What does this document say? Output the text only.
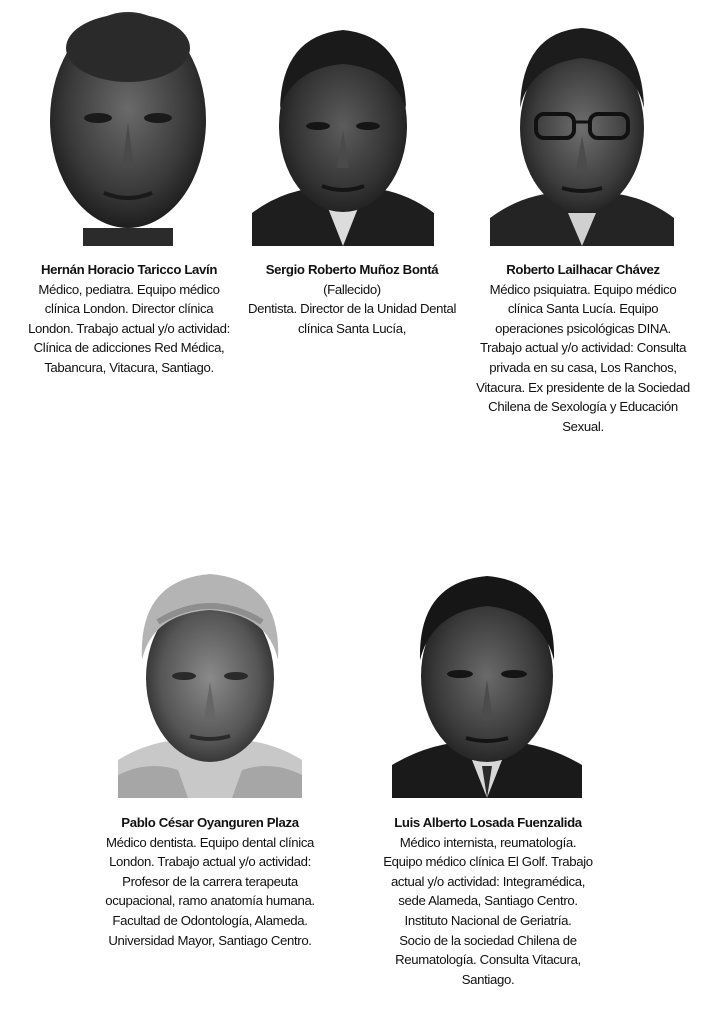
Hernán Horacio Taricco Lavín
Médico, pediatra. Equipo médico
clínica London. Director clínica
London. Trabajo actual y/o actividad:
Clínica de adicciones Red Médica,
Tabancura, Vitacura, Santiago.
Sergio Roberto Muñoz Bontá
(Fallecido)
Dentista. Director de la Unidad Dental
clínica Santa Lucía,
Roberto Lailhacar Chávez
Médico psiquiatra. Equipo médico
clínica Santa Lucía. Equipo
operaciones psicológicas DINA.
Trabajo actual y/o actividad: Consulta
privada en su casa, Los Ranchos,
Vitacura. Ex presidente de la Sociedad
Chilena de Sexología y Educación
Sexual.
Pablo César Oyanguren Plaza
Médico dentista. Equipo dental clínica
London. Trabajo actual y/o actividad:
Profesor de la carrera terapeuta
ocupacional, ramo anatomía humana.
Facultad de Odontología, Alameda.
Universidad Mayor, Santiago Centro.
Luis Alberto Losada Fuenzalida
Médico internista, reumatología.
Equipo médico clínica El Golf. Trabajo
actual y/o actividad: Integramédica,
sede Alameda, Santiago Centro.
Instituto Nacional de Geriatría.
Socio de la sociedad Chilena de
Reumatología. Consulta Vitacura,
Santiago.
